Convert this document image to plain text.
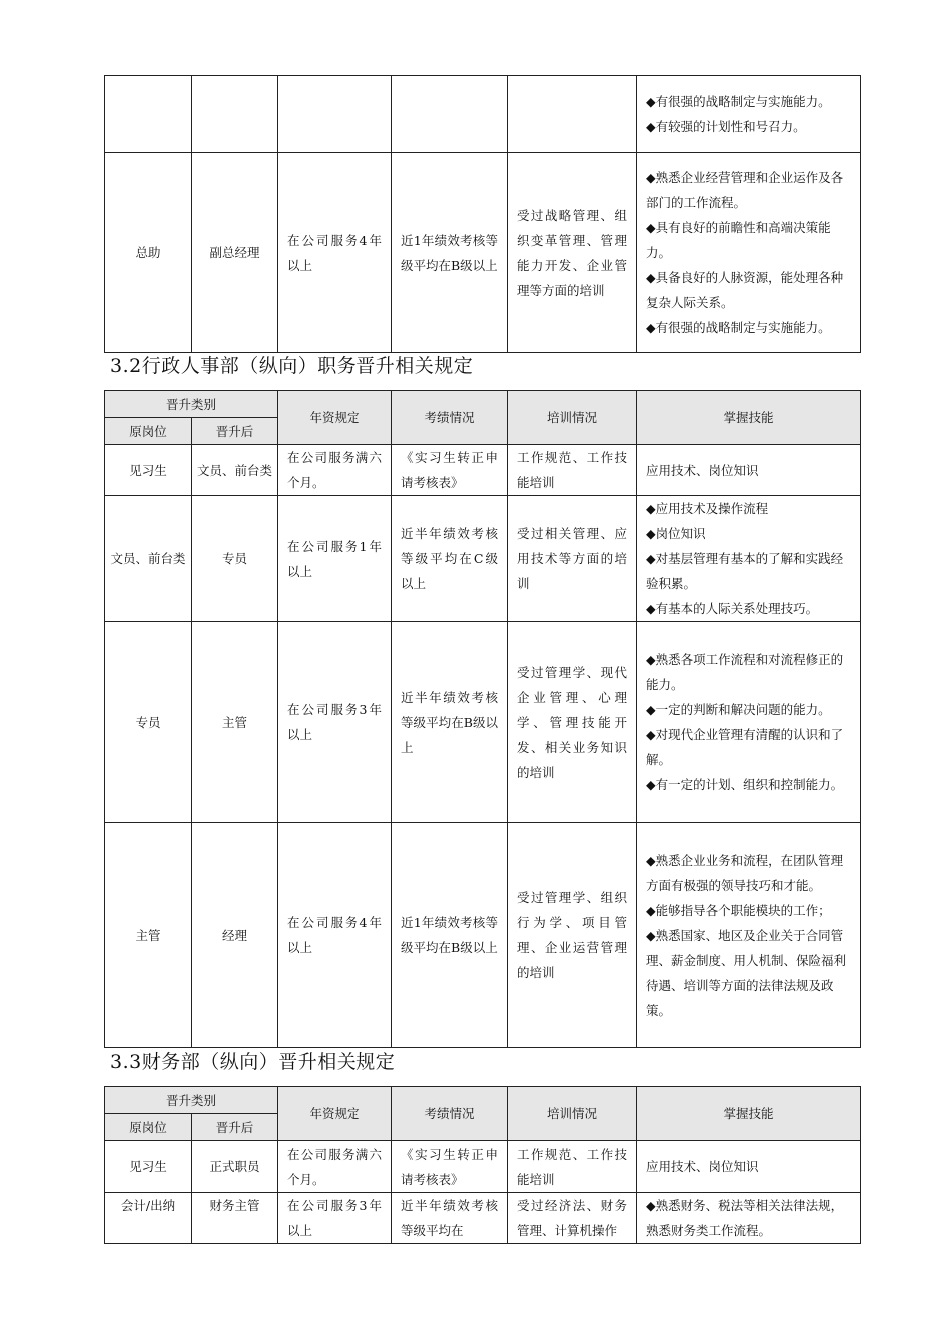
					◆有很强的战略制定与实施能力。
◆有较强的计划性和号召力。

总助	副总经理	在公司服务4年以上	近1年绩效考核等级平均在B级以上	受过战略管理、组织变革管理、管理能力开发、企业管理等方面的培训	◆熟悉企业经营管理和企业运作及各部门的工作流程。
◆具有良好的前瞻性和高端决策能力。
◆具备良好的人脉资源，能处理各种复杂人际关系。
◆有很强的战略制定与实施能力。
3.2行政人事部（纵向）职务晋升相关规定
晋升类别		年资规定	考绩情况	培训情况	掌握技能
原岗位	晋升后				
见习生	文员、前台类	在公司服务满六个月。	《实习生转正申请考核表》	工作规范、工作技能培训	应用技术、岗位知识

文员、前台类	专员	在公司服务1年以上	近半年绩效考核等级平均在C级以上	受过相关管理、应用技术等方面的培训	◆应用技术及操作流程
◆岗位知识
◆对基层管理有基本的了解和实践经验积累。
◆有基本的人际关系处理技巧。

专员	主管	在公司服务3年以上	近半年绩效考核等级平均在B级以上	受过管理学、现代企业管理、心理学、管理技能开发、相关业务知识的培训	◆熟悉各项工作流程和对流程修正的能力。
◆一定的判断和解决问题的能力。
◆对现代企业管理有清醒的认识和了解。
◆有一定的计划、组织和控制能力。

主管	经理	在公司服务4年以上	近1年绩效考核等级平均在B级以上	受过管理学、组织行为学、项目管理、企业运营管理的培训	◆熟悉企业业务和流程，在团队管理方面有极强的领导技巧和才能。
◆能够指导各个职能模块的工作；
◆熟悉国家、地区及企业关于合同管理、薪金制度、用人机制、保险福利待遇、培训等方面的法律法规及政策。
3.3财务部（纵向）晋升相关规定
晋升类别		年资规定	考绩情况	培训情况	掌握技能
原岗位	晋升后				
见习生	正式职员	在公司服务满六个月。	《实习生转正申请考核表》	工作规范、工作技能培训	应用技术、岗位知识

会计/出纳	财务主管	在公司服务3年以上	近半年绩效考核等级平均在	受过经济法、财务管理、计算机操作	◆熟悉财务、税法等相关法律法规，熟悉财务类工作流程。
